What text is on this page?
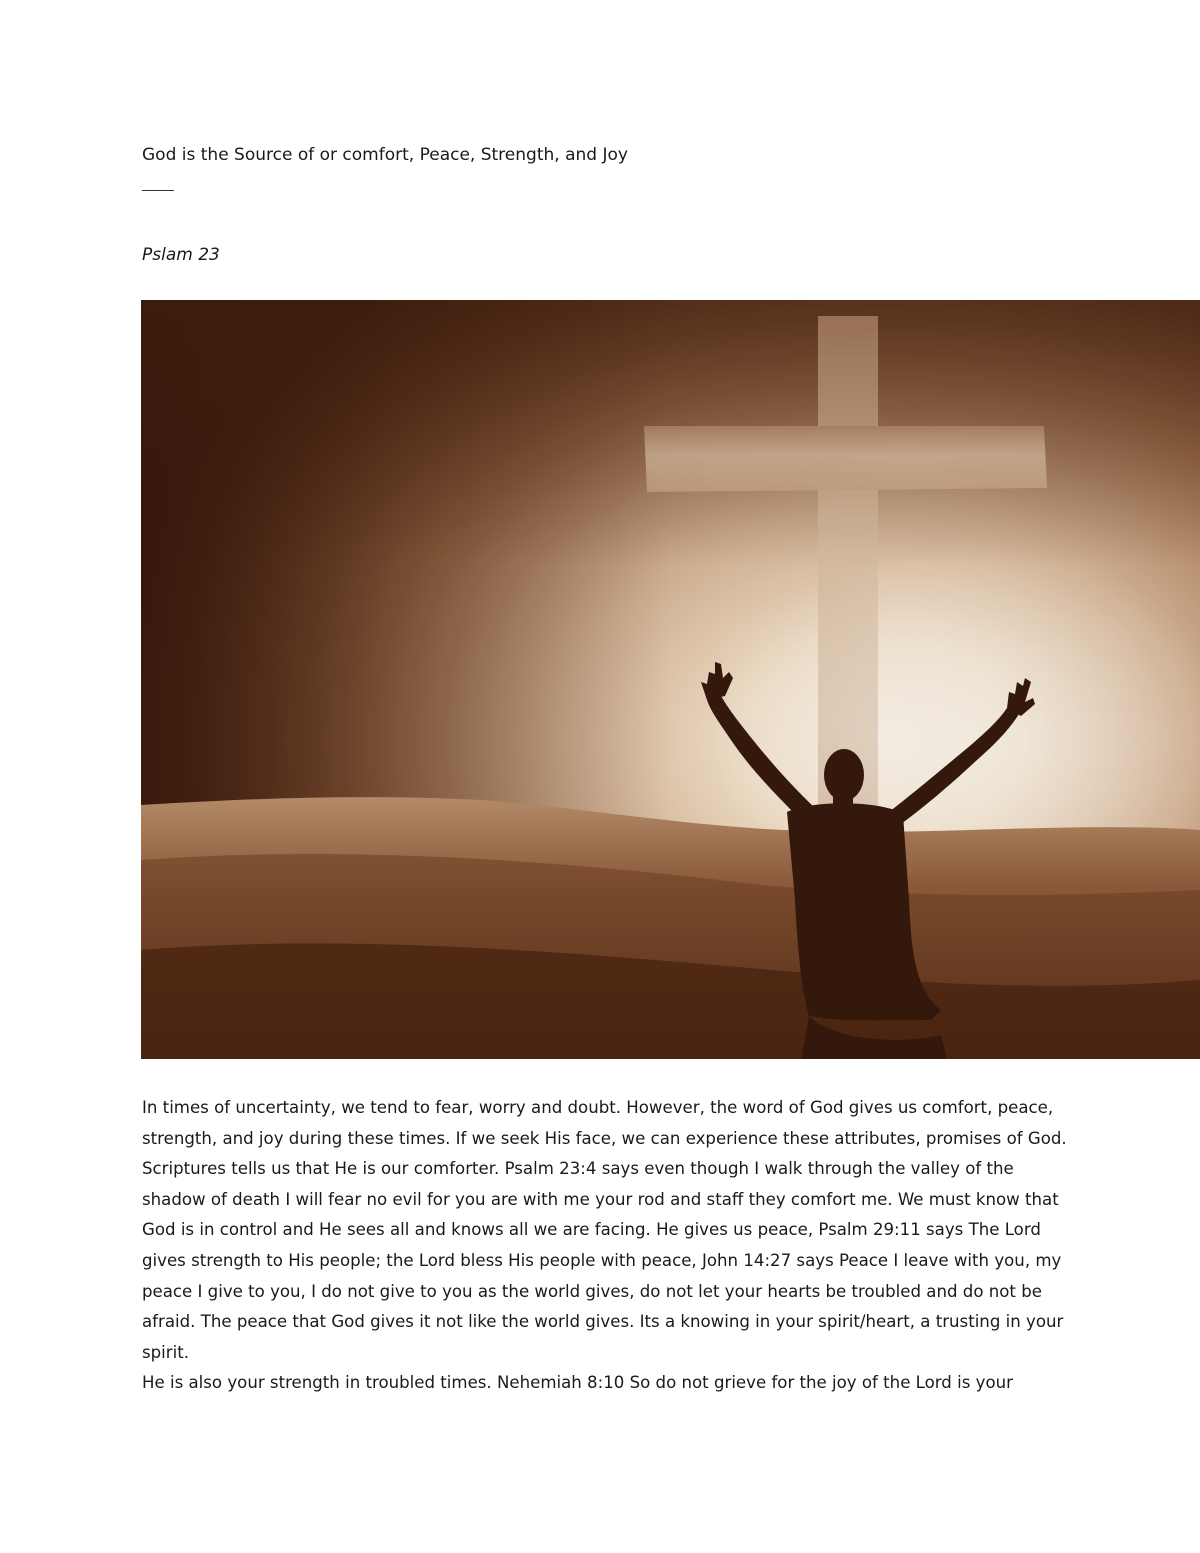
God is the Source of or comfort, Peace, Strength, and Joy
Pslam 23

In times of uncertainty, we tend to fear, worry and doubt. However, the word of God gives us comfort, peace, strength, and joy during these times. If we seek His face, we can experience these attributes, promises of God. Scriptures tells us that He is our comforter. Psalm 23:4 says even though I walk through the valley of the shadow of death I will fear no evil for you are with me your rod and staff they comfort me. We must know that God is in control and He sees all and knows all we are facing. He gives us peace, Psalm 29:11 says The Lord gives strength to His people; the Lord bless His people with peace, John 14:27 says Peace I leave with you, my peace I give to you, I do not give to you as the world gives, do not let your hearts be troubled and do not be afraid. The peace that God gives it not like the world gives. Its a knowing in your spirit/heart, a trusting in your spirit.

He is also your strength in troubled times. Nehemiah 8:10 So do not grieve for the joy of the Lord is your
